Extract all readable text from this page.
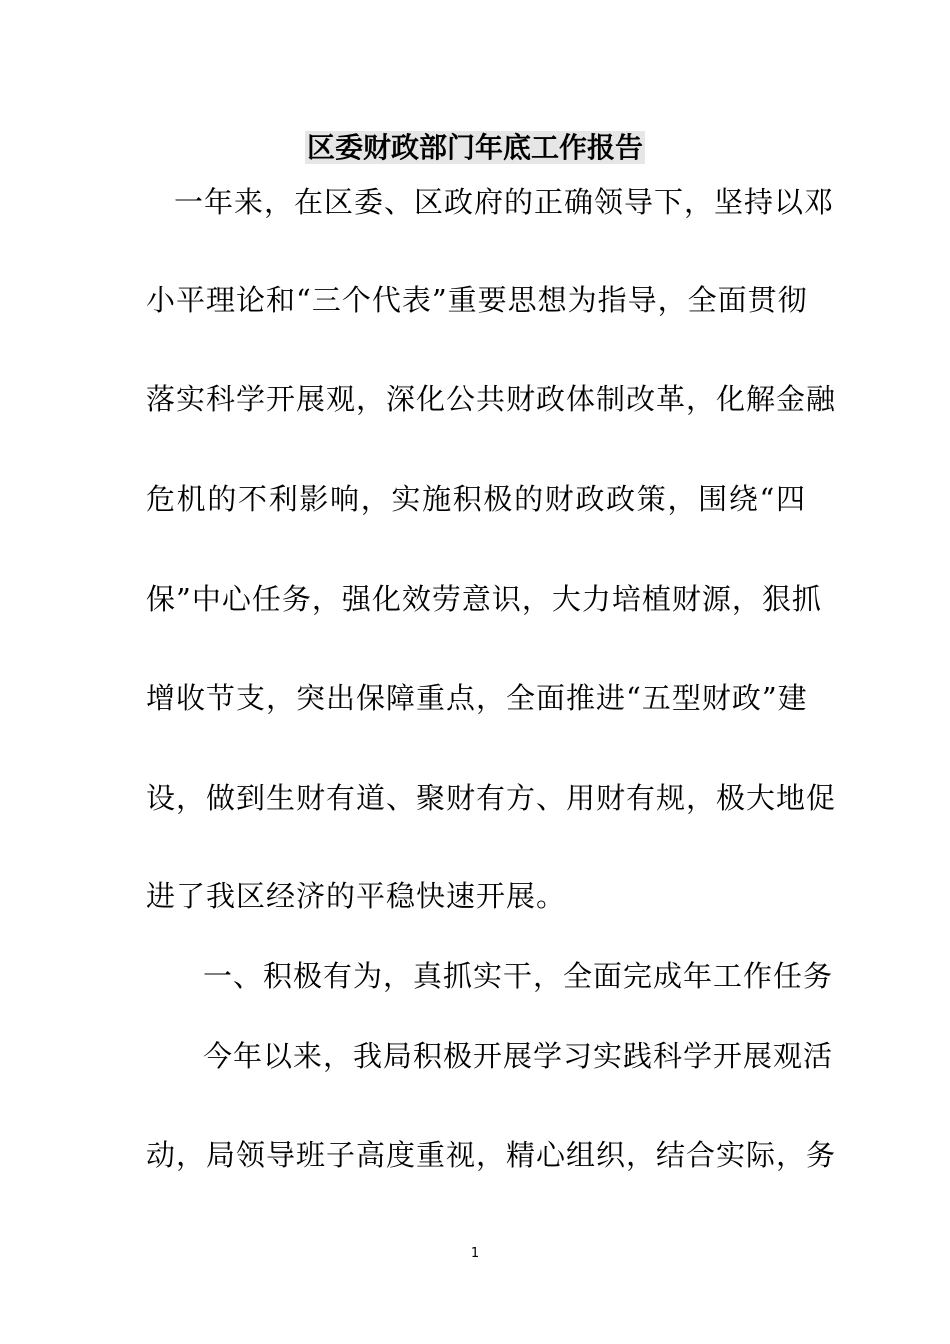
区委财政部门年底工作报告
一年来，在区委、区政府的正确领导下，坚持以邓
小平理论和“三个代表”重要思想为指导，全面贯彻
落实科学开展观，深化公共财政体制改革，化解金融
危机的不利影响，实施积极的财政政策，围绕“四
保”中心任务，强化效劳意识，大力培植财源，狠抓
增收节支，突出保障重点，全面推进“五型财政”建
设，做到生财有道、聚财有方、用财有规，极大地促
进了我区经济的平稳快速开展。
一、积极有为，真抓实干，全面完成年工作任务
今年以来，我局积极开展学习实践科学开展观活
动，局领导班子高度重视，精心组织，结合实际，务
1
